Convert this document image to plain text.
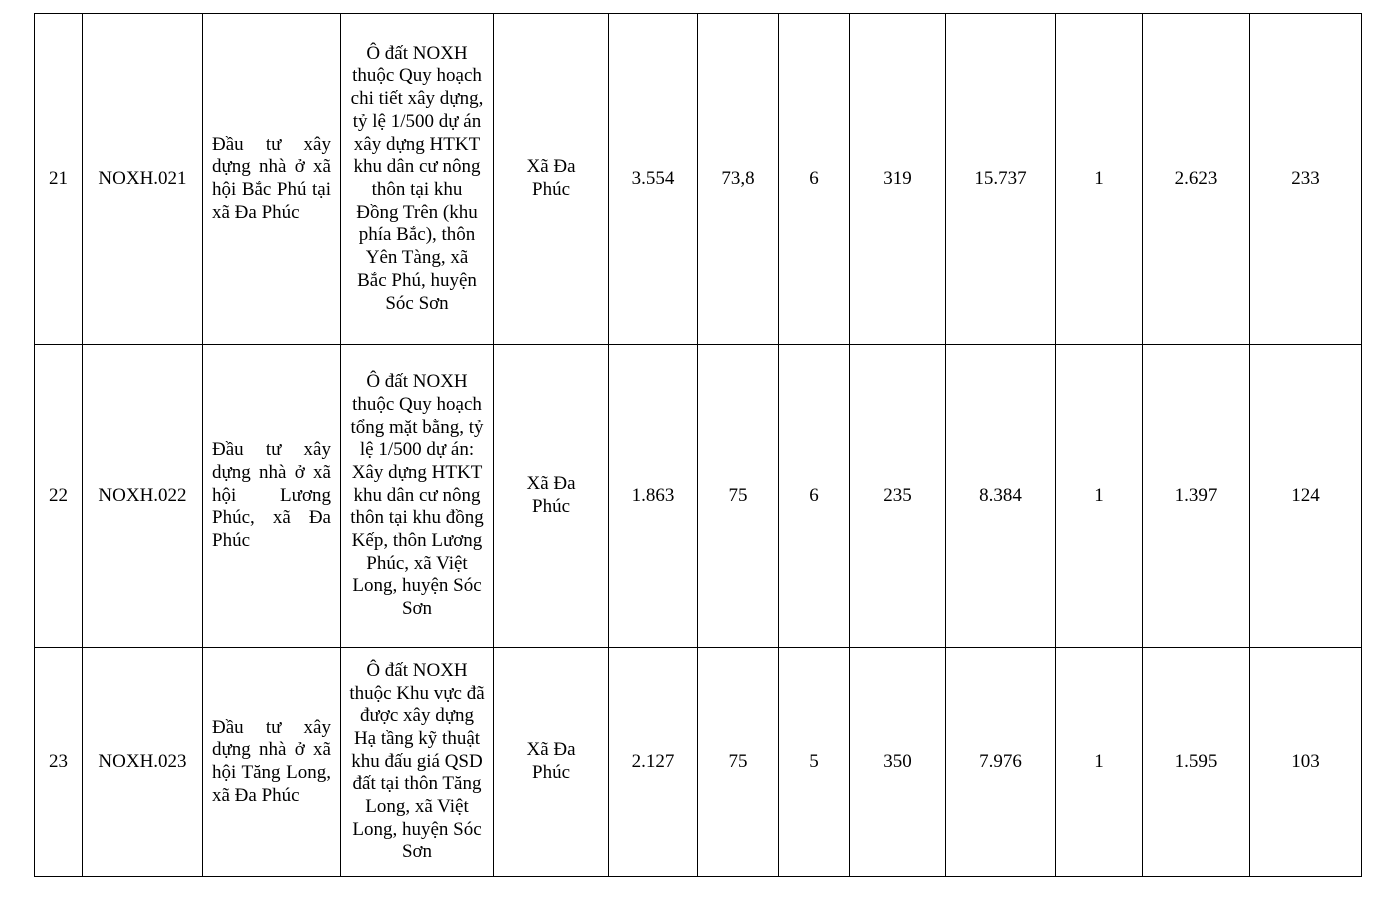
21	NOXH.021	Đầu tư xây dựng nhà ở xã hội Bắc Phú tại xã Đa Phúc	Ô đất NOXH thuộc Quy hoạch chi tiết xây dựng, tỷ lệ 1/500 dự án xây dựng HTKT khu dân cư nông thôn tại khu Đồng Trên (khu phía Bắc), thôn Yên Tàng, xã Bắc Phú, huyện Sóc Sơn	Xã Đa Phúc	3.554	73,8	6	319	15.737	1	2.623	233
22	NOXH.022	Đầu tư xây dựng nhà ở xã hội Lương Phúc, xã Đa Phúc	Ô đất NOXH thuộc Quy hoạch tổng mặt bằng, tỷ lệ 1/500 dự án: Xây dựng HTKT khu dân cư nông thôn tại khu đồng Kếp, thôn Lương Phúc, xã Việt Long, huyện Sóc Sơn	Xã Đa Phúc	1.863	75	6	235	8.384	1	1.397	124
23	NOXH.023	Đầu tư xây dựng nhà ở xã hội Tăng Long, xã Đa Phúc	Ô đất NOXH thuộc Khu vực đã được xây dựng Hạ tầng kỹ thuật khu đấu giá QSD đất tại thôn Tăng Long, xã Việt Long, huyện Sóc Sơn	Xã Đa Phúc	2.127	75	5	350	7.976	1	1.595	103
